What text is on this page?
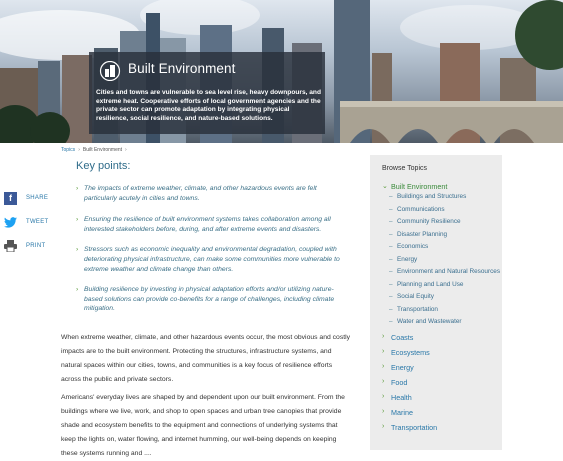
Built Environment
Cities and towns are vulnerable to sea level rise, heavy downpours, and extreme heat. Cooperative efforts of local government agencies and the private sector can promote adaptation by integrating physical resilience, social resilience, and nature-based solutions.
Topics › Built Environment ›
f	SHARE
TWEET
PRINT
Key points:
› The impacts of extreme weather, climate, and other hazardous events are felt particularly acutely in cities and towns.
› Ensuring the resilience of built environment systems takes collaboration among all interested stakeholders before, during, and after extreme events and disasters.
› Stressors such as economic inequality and environmental degradation, coupled with deteriorating physical infrastructure, can make some communities more vulnerable to extreme weather and climate change than others.
› Building resilience by investing in physical adaptation efforts and/or utilizing nature-based solutions can provide co-benefits for a range of challenges, including climate mitigation.

When extreme weather, climate, and other hazardous events occur, the most obvious and costly impacts are to the built environment. Protecting the structures, infrastructure systems, and natural spaces within our cities, towns, and communities is a key focus of resilience efforts across the public and private sectors.

Americans' everyday lives are shaped by and dependent upon our built environment. From the buildings where we live, work, and shop to open spaces and urban tree canopies that provide shade and ecosystem benefits to the equipment and connections of underlying systems that keep the lights on, water flowing, and internet humming, our well-being depends on keeping these systems running and ....

Browse Topics
⌄ Built Environment
– Buildings and Structures
– Communications
– Community Resilience
– Disaster Planning
– Economics
– Energy
– Environment and Natural Resources
– Planning and Land Use
– Social Equity
– Transportation
– Water and Wastewater
› Coasts
› Ecosystems
› Energy
› Food
› Health
› Marine
› Transportation
